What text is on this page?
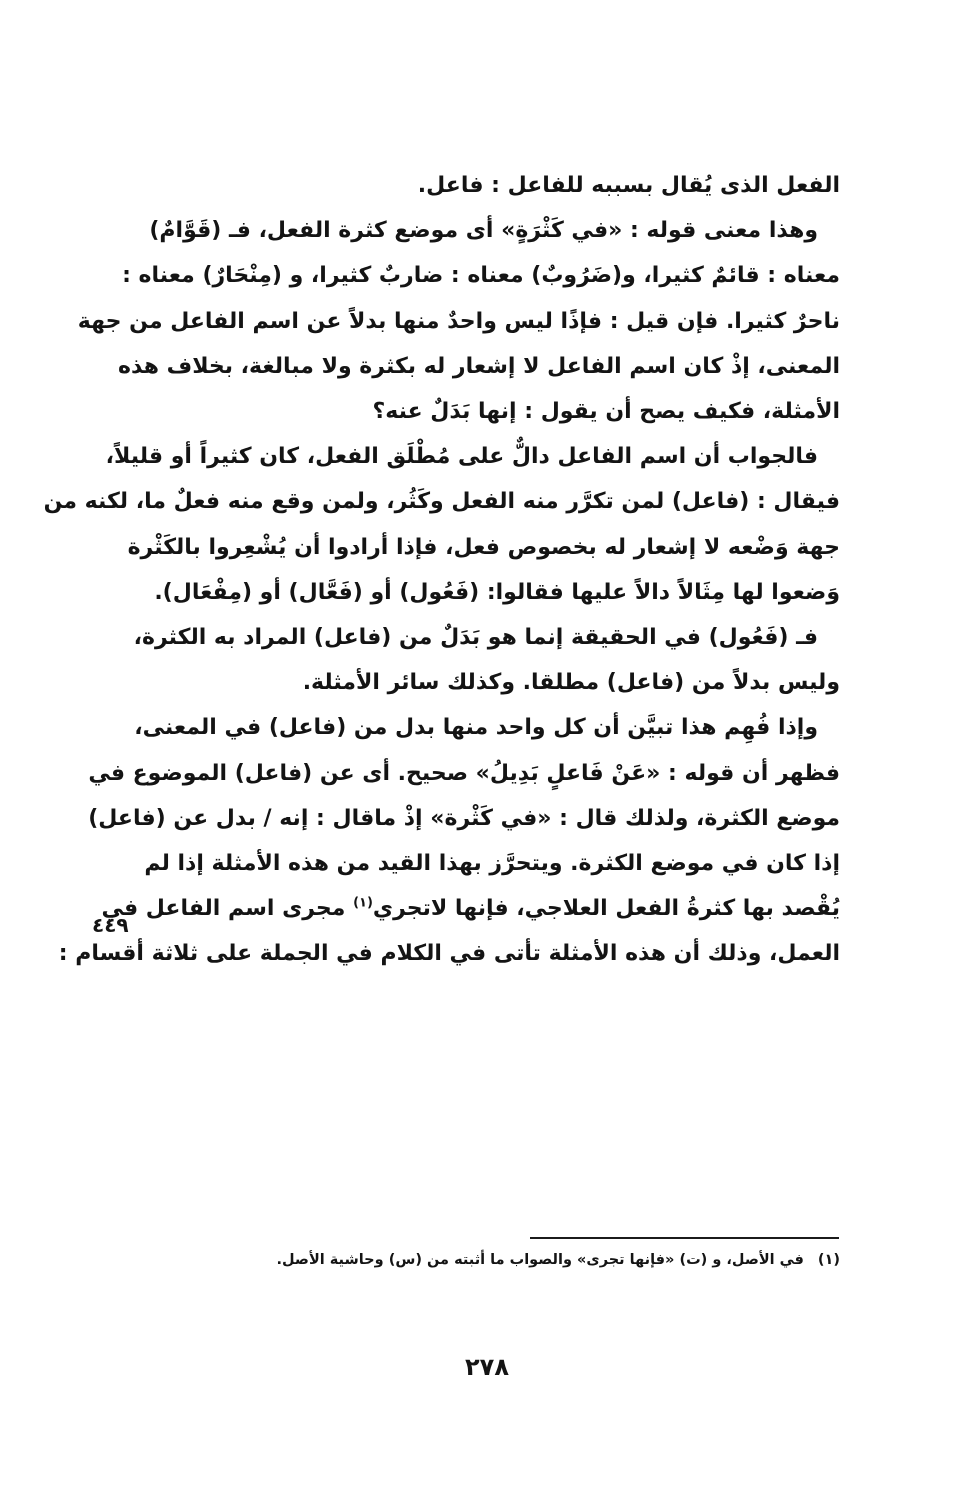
الفعل الذى يُقال بسببه للفاعل : فاعل.

وهذا معنى قوله : «في كَثْرَةٍ» أى موضع كثرة الفعل، فـ (قَوَّامٌ)
معناه : قائمٌ كثيرا، و(ضَرُوبٌ) معناه : ضاربٌ كثيرا، و (مِنْحَارٌ) معناه :
ناحرٌ كثيرا. فإن قيل : فإذًا ليس واحدٌ منها بدلاً عن اسم الفاعل من جهة
المعنى، إذْ كان اسم الفاعل لا إشعار له بكثرة ولا مبالغة، بخلاف هذه
الأمثلة، فكيف يصح أن يقول : إنها بَدَلٌ عنه؟

فالجواب أن اسم الفاعل دالٌّ على مُطْلَق الفعل، كان كثيراً أو قليلاً،
فيقال : (فاعل) لمن تكرَّر منه الفعل وكَثُر، ولمن وقع منه فعلٌ ما، لكنه من
جهة وَضْعه لا إشعار له بخصوص فعل، فإذا أرادوا أن يُشْعِروا بالكَثْرة
وَضعوا لها مِثَالاً دالاً عليها فقالوا: (فَعُول) أو (فَعَّال) أو (مِفْعَال).

فـ (فَعُول) في الحقيقة إنما هو بَدَلٌ من (فاعل) المراد به الكثرة،
وليس بدلاً من (فاعل) مطلقا. وكذلك سائر الأمثلة.

وإذا فُهِم هذا تبيَّن أن كل واحد منها بدل من (فاعل) في المعنى،
فظهر أن قوله : «عَنْ فَاعلٍ بَدِيلُ» صحيح. أى عن (فاعل) الموضوع في
موضع الكثرة، ولذلك قال : «في كَثْرة» إذْ ماقال : إنه / بدل عن (فاعل)
إذا كان في موضع الكثرة. ويتحرَّز بهذا القيد من هذه الأمثلة إذا لم
يُقْصد بها كثرةُ الفعل العلاجي، فإنها لاتجري$^{(١)}$ مجرى اسم الفاعل في
العمل، وذلك أن هذه الأمثلة تأتى في الكلام في الجملة على ثلاثة أقسام :

٤٤٩
(١)في الأصل، و (ت) «فإنها تجرى» والصواب ما أثبته من (س) وحاشية الأصل.
٢٧٨
